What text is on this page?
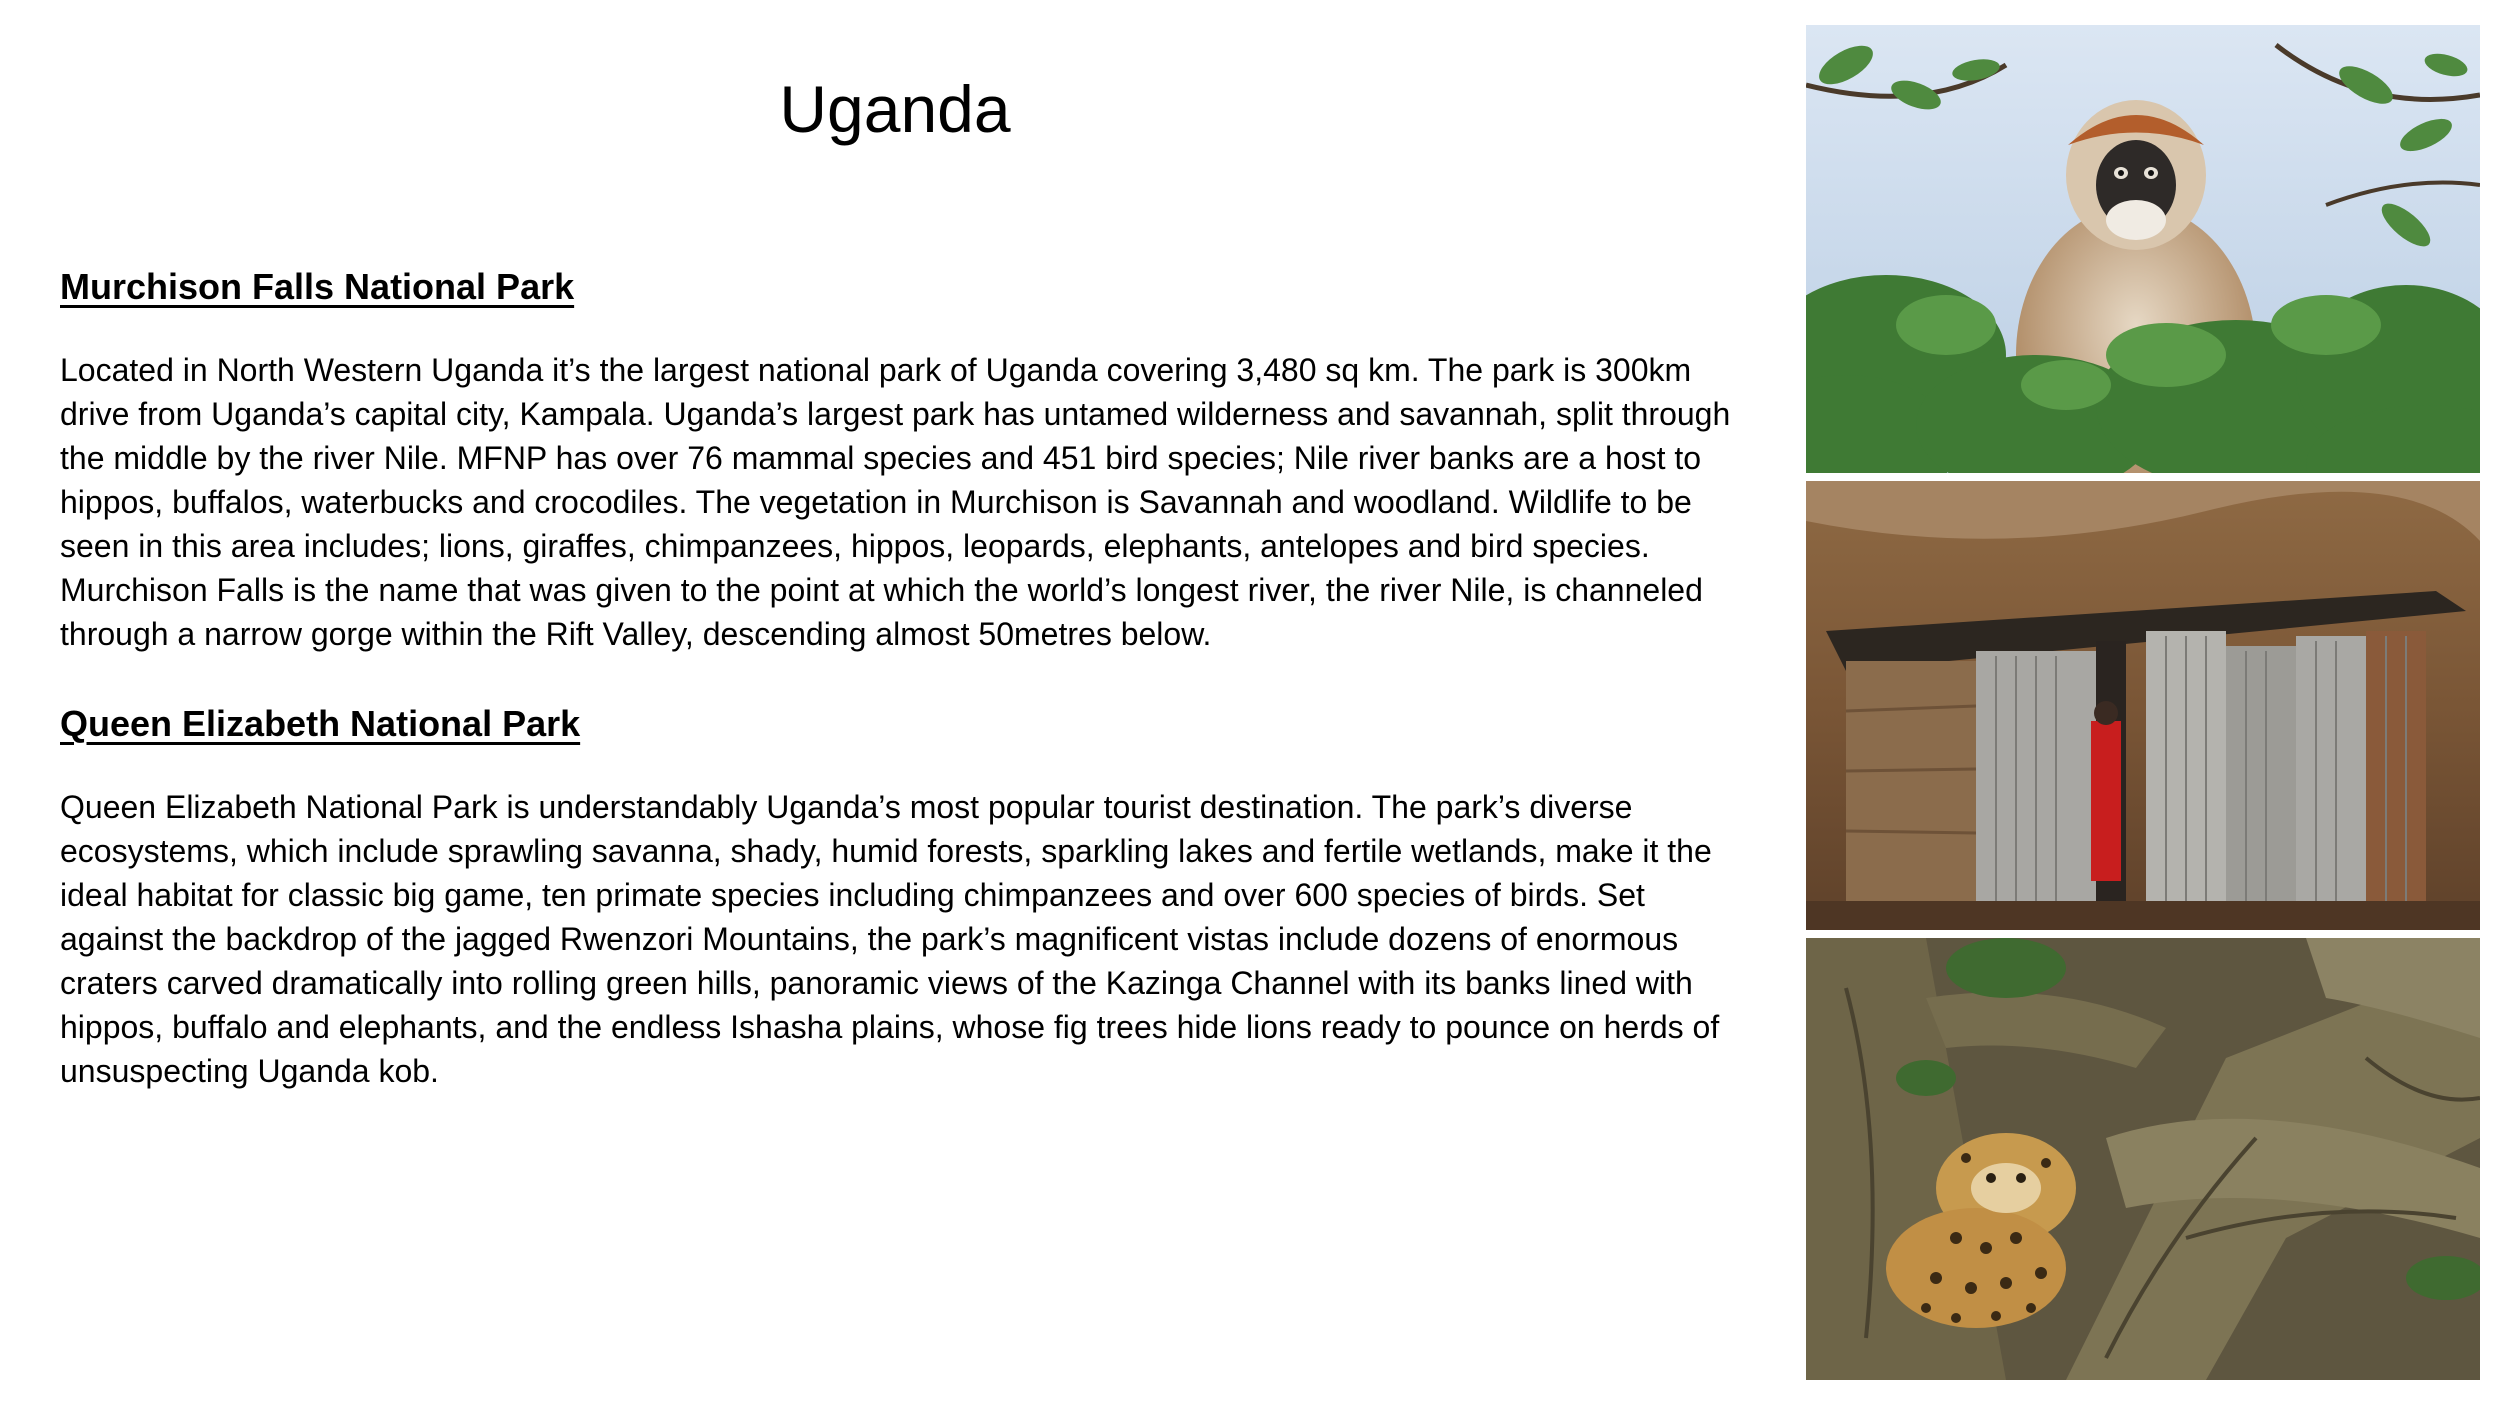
Uganda
Murchison Falls National Park

Located in North Western Uganda it’s the largest national park of Uganda covering 3,480 sq km. The park is 300km drive from Uganda’s capital city, Kampala. Uganda’s largest park has untamed wilderness and savannah, split through the middle by the river Nile. MFNP has over 76 mammal species and 451 bird species; Nile river banks are a host to hippos, buffalos, waterbucks and crocodiles. The vegetation in Murchison is Savannah and woodland. Wildlife to be seen in this area includes; lions, giraffes, chimpanzees, hippos, leopards, elephants, antelopes and bird species. Murchison Falls is the name that was given to the point at which the world’s longest river, the river Nile, is channeled through a narrow gorge within the Rift Valley, descending almost 50metres below.

Queen Elizabeth National Park

Queen Elizabeth National Park is understandably Uganda’s most popular tourist destination. The park’s diverse ecosystems, which include sprawling savanna, shady, humid forests, sparkling lakes and fertile wetlands, make it the ideal habitat for classic big game, ten primate species including chimpanzees and over 600 species of birds. Set against the backdrop of the jagged Rwenzori Mountains, the park’s magnificent vistas include dozens of enormous craters carved dramatically into rolling green hills, panoramic views of the Kazinga Channel with its banks lined with hippos, buffalo and elephants, and the endless Ishasha plains, whose fig trees hide lions ready to pounce on herds of unsuspecting Uganda kob.
